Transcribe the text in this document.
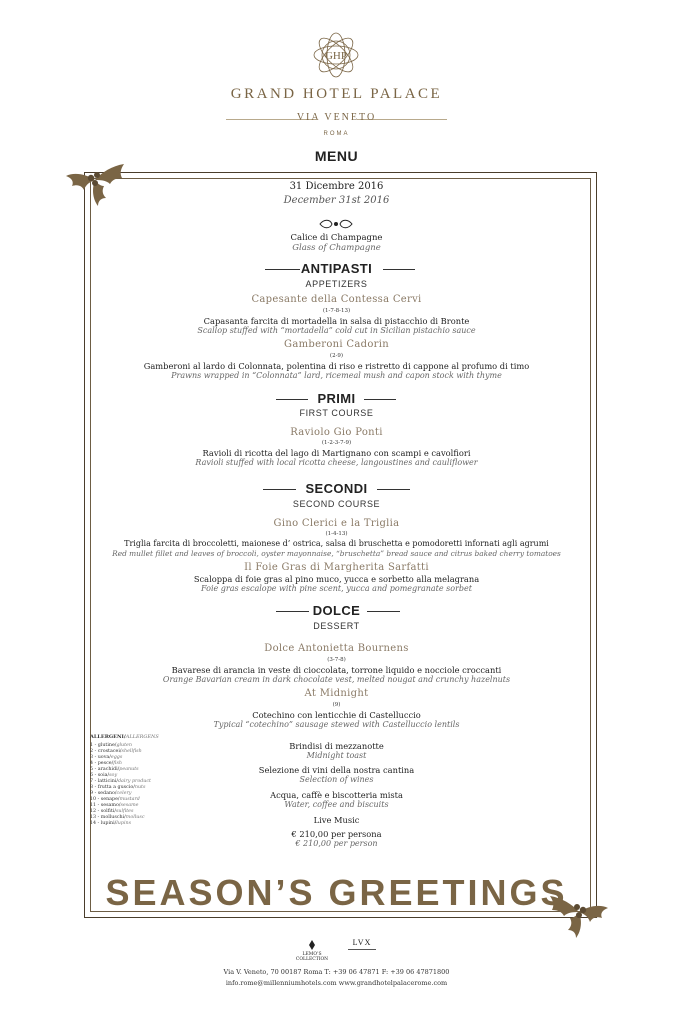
GHP
GRAND HOTEL PALACE
VIA VENETO
ROMA
MENU
31 Dicembre 2016
December 31st 2016
Calice di Champagne
Glass of Champagne
ANTIPASTI
APPETIZERS
Capesante della Contessa Cervi
(1-7-8-13)
Capasanta farcita di mortadella in salsa di pistacchio di Bronte
Scallop stuffed with “mortadella” cold cut in Sicilian pistachio sauce
Gamberoni Cadorin
(2-9)
Gamberoni al lardo di Colonnata, polentina di riso e ristretto di cappone al profumo di timo
Prawns wrapped in “Colonnata” lard, ricemeal mush and capon stock with thyme
PRIMI
FIRST COURSE
Raviolo Gio Ponti
(1-2-3-7-9)
Ravioli di ricotta del lago di Martignano con scampi e cavolfiori
Ravioli stuffed with local ricotta cheese, langoustines and cauliflower
SECONDI
SECOND COURSE
Gino Clerici e la Triglia
(1-4-13)
Triglia farcita di broccoletti, maionese d’ ostrica, salsa di bruschetta e pomodoretti infornati agli agrumi
Red mullet fillet and leaves of broccoli, oyster mayonnaise, “bruschetta” bread sauce and citrus baked cherry tomatoes
Il Foie Gras di Margherita Sarfatti
Scaloppa di foie gras al pino muco, yucca e sorbetto alla melagrana
Foie gras escalope with pine scent, yucca and pomegranate sorbet
DOLCE
DESSERT
Dolce Antonietta Bournens
(3-7-8)
Bavarese di arancia in veste di cioccolata, torrone liquido e nocciole croccanti
Orange Bavarian cream in dark chocolate vest, melted nougat and crunchy hazelnuts
At Midnight
(9)
Cotechino con lenticchie di Castelluccio
Typical “cotechino” sausage stewed with Castelluccio lentils
Brindisi di mezzanotte
Midnight toast
Selezione di vini della nostra cantina
Selection of wines
Acqua, caffè e biscotteria mista
Water, coffee and biscuits
Live Music
€ 210,00 per persona
€ 210,00 per person
ALLERGENI/ALLERGENS
1 - glutine/gluten
2 - crostacei/shellfish
3 - uova/eggs
4 - pesce/fish
5 - arachidi/peanuts
6 - soia/soy
7 - latticini/dairy product
8 - frutta a guscio/nuts
9 - sedano/celery
10 - senape/mustard
11 - sesamo/sesame
12 - solfiti/sulfites
13 - molluschi/mollusc
14 - lupini/lupins
SEASON’S GREETINGS
LEMO’S COLLECTION
LVX

Via V. Veneto, 70 00187 Roma T: +39 06 47871 F: +39 06 47871800
info.rome@millenniumhotels.com www.grandhotelpalacerome.com
